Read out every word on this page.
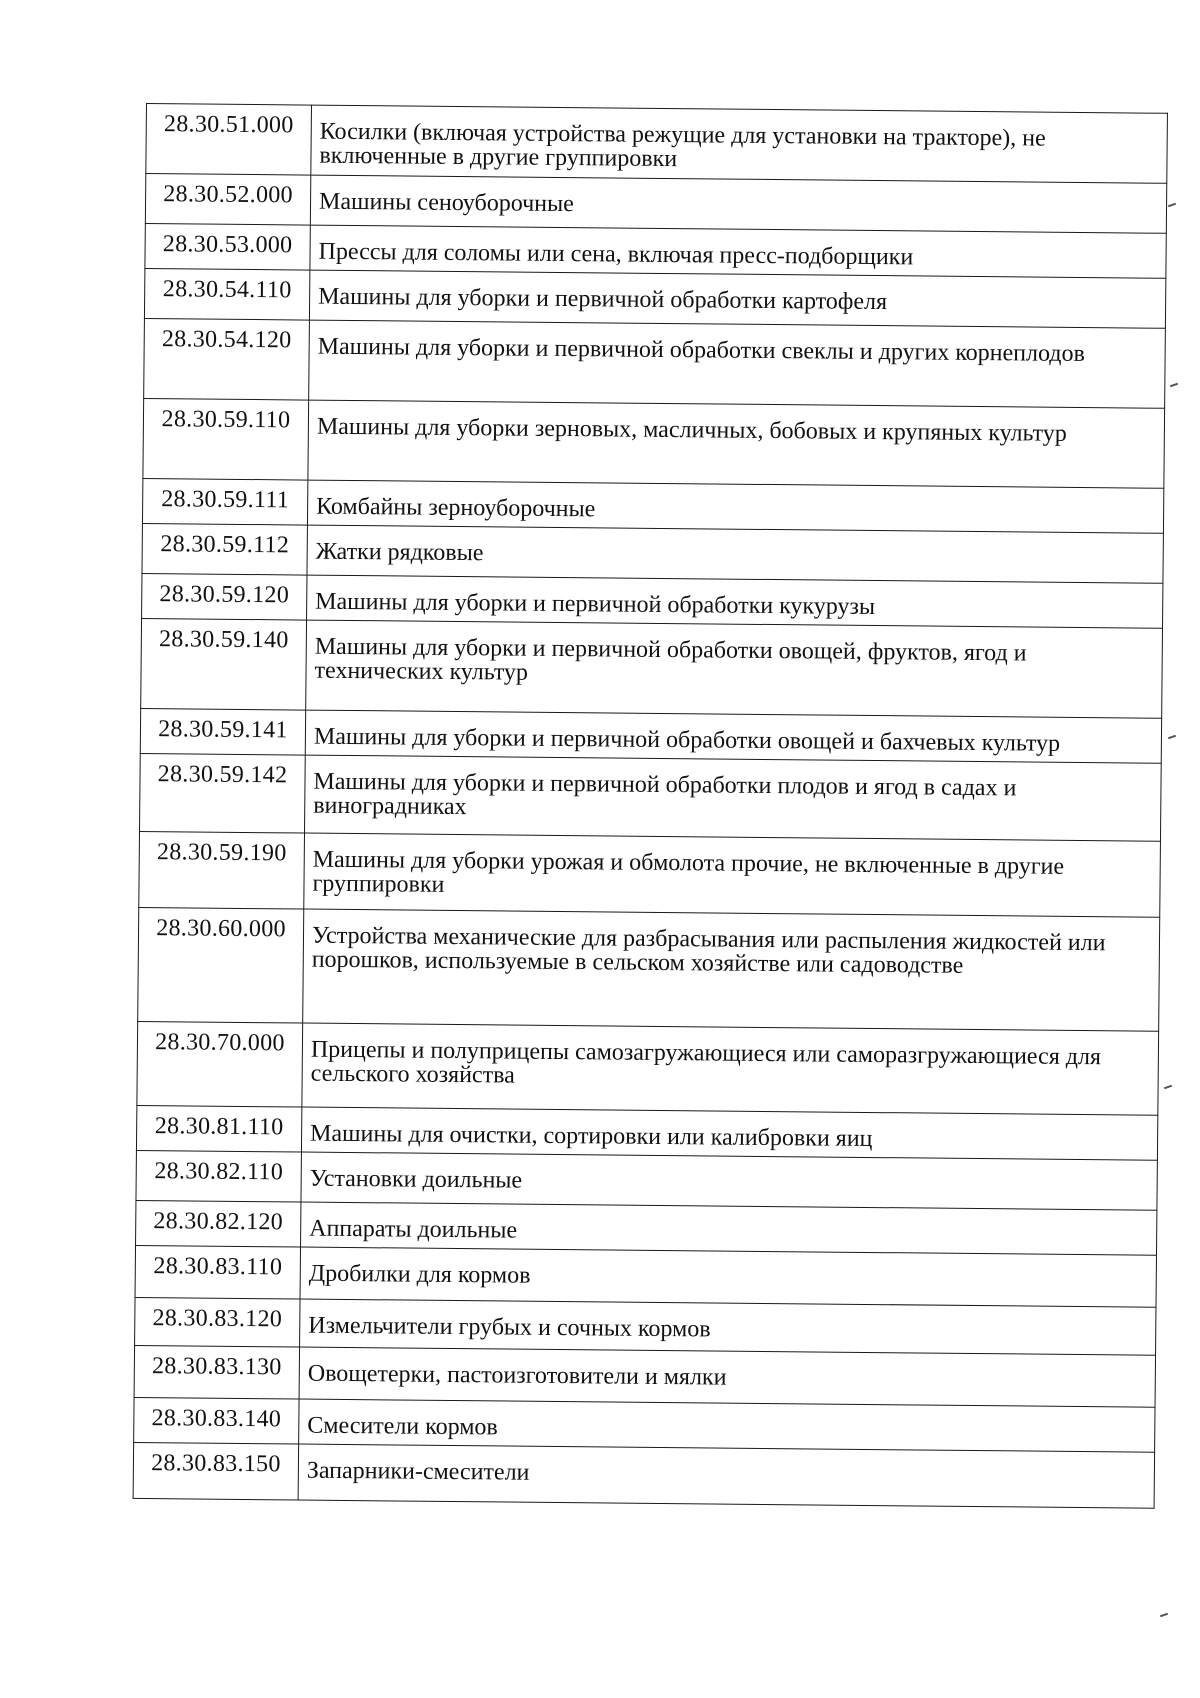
28.30.51.000	Косилки (включая устройства режущие для установки на тракторе), не включенные в другие группировки
28.30.52.000	Машины сеноуборочные
28.30.53.000	Прессы для соломы или сена, включая пресс-подборщики
28.30.54.110	Машины для уборки и первичной обработки картофеля
28.30.54.120	Машины для уборки и первичной обработки свеклы и других корнеплодов
28.30.59.110	Машины для уборки зерновых, масличных, бобовых и крупяных культур
28.30.59.111	Комбайны зерноуборочные
28.30.59.112	Жатки рядковые
28.30.59.120	Машины для уборки и первичной обработки кукурузы
28.30.59.140	Машины для уборки и первичной обработки овощей, фруктов, ягод и технических культур
28.30.59.141	Машины для уборки и первичной обработки овощей и бахчевых культур
28.30.59.142	Машины для уборки и первичной обработки плодов и ягод в садах и виноградниках
28.30.59.190	Машины для уборки урожая и обмолота прочие, не включенные в другие группировки
28.30.60.000	Устройства механические для разбрасывания или распыления жидкостей или порошков, используемые в сельском хозяйстве или садоводстве
28.30.70.000	Прицепы и полуприцепы самозагружающиеся или саморазгружающиеся для сельского хозяйства
28.30.81.110	Машины для очистки, сортировки или калибровки яиц
28.30.82.110	Установки доильные
28.30.82.120	Аппараты доильные
28.30.83.110	Дробилки для кормов
28.30.83.120	Измельчители грубых и сочных кормов
28.30.83.130	Овощетерки, пастоизготовители и мялки
28.30.83.140	Смесители кормов
28.30.83.150	Запарники-смесители
